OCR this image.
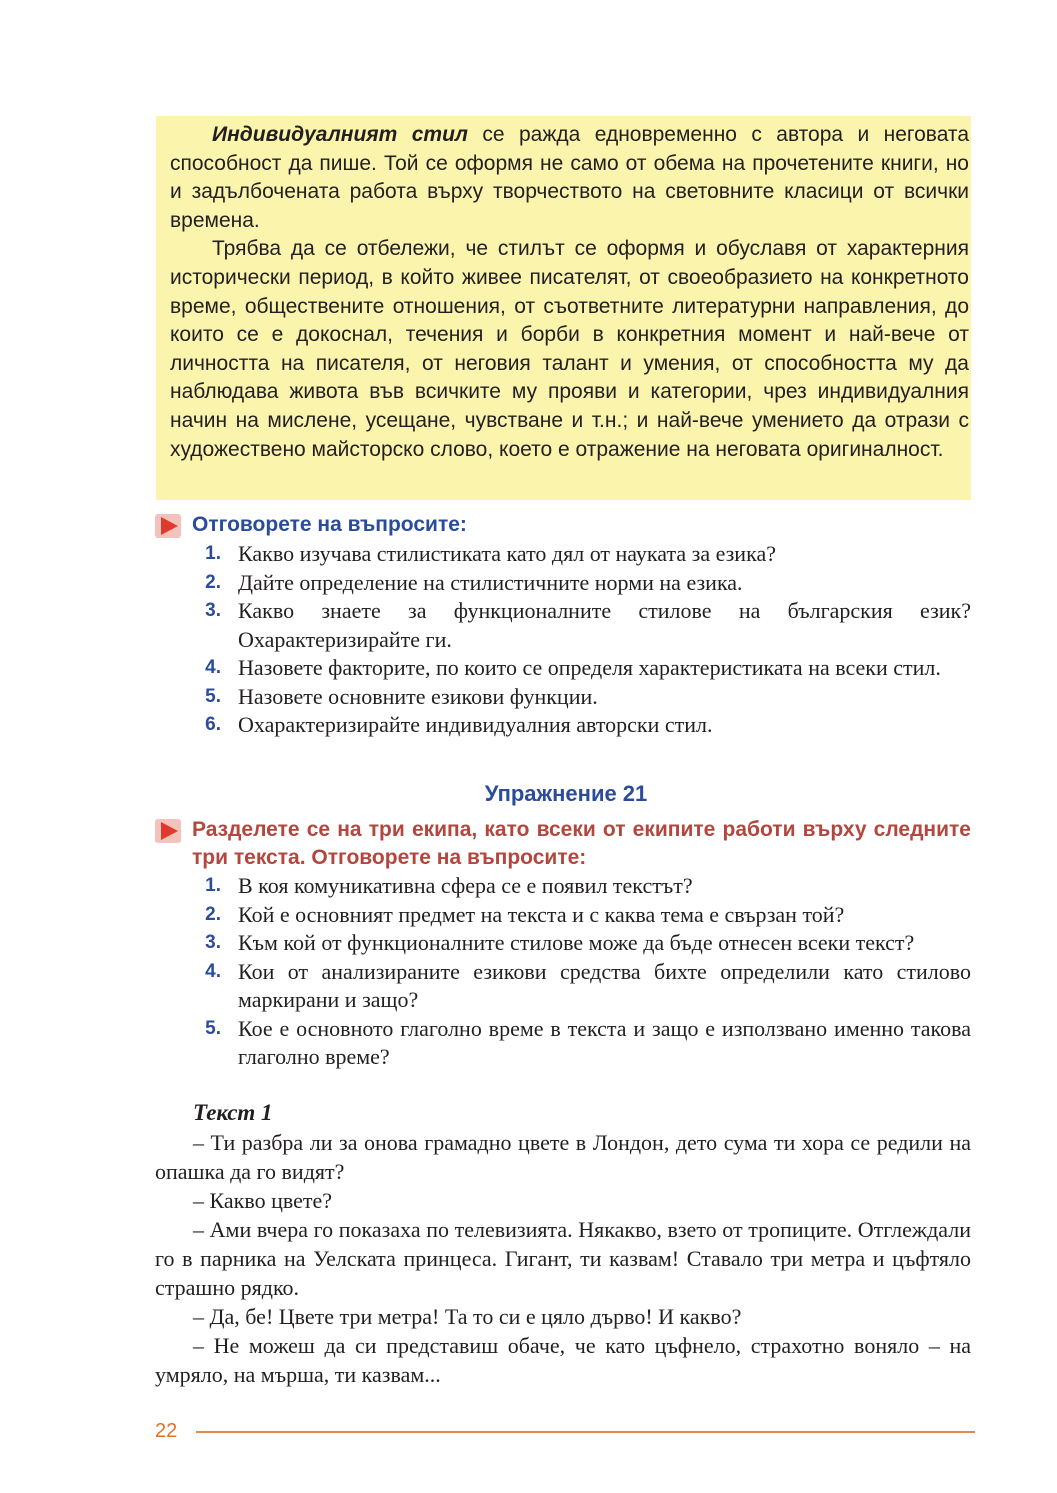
Индивидуалният стил се ражда едновременно с автора и неговата способност да пише. Той се оформя не само от обема на прочетените книги, но и задълбочената работа върху творчеството на световните класици от всички времена.

Трябва да се отбележи, че стилът се оформя и обуславя от характерния исторически период, в който живее писателят, от своеобразието на конкретното време, обществените отношения, от съответните литературни направления, до които се е докоснал, течения и борби в конкретния момент и най-вече от личността на писателя, от неговия талант и умения, от способността му да наблюдава живота във всичките му прояви и категории, чрез индивидуалния начин на мислене, усещане, чувстване и т.н.; и най-вече умението да отрази с художествено майсторско слово, което е отражение на неговата оригиналност.

Отговорете на въпросите:
1. Какво изучава стилистиката като дял от науката за езика?
2. Дайте определение на стилистичните норми на езика.
3. Какво знаете за функционалните стилове на българския език? Охарактеризирайте ги.
4. Назовете факторите, по които се определя характеристиката на всеки стил.
5. Назовете основните езикови функции.
6. Охарактеризирайте индивидуалния авторски стил.
Упражнение 21
Разделете се на три екипа, като всеки от екипите работи върху следните три текста. Отговорете на въпросите:
1. В коя комуникативна сфера се е появил текстът?
2. Кой е основният предмет на текста и с каква тема е свързан той?
3. Към кой от функционалните стилове може да бъде отнесен всеки текст?
4. Кои от анализираните езикови средства бихте определили като стилово маркирани и защо?
5. Кое е основното глаголно време в текста и защо е използвано именно такова глаголно време?
Текст 1

– Ти разбра ли за онова грамадно цвете в Лондон, дето сума ти хора се редили на опашка да го видят?

– Какво цвете?

– Ами вчера го показаха по телевизията. Някакво, взето от тропиците. Отглеждали го в парника на Уелската принцеса. Гигант, ти казвам! Ставало три метра и цъфтяло страшно рядко.

– Да, бе! Цвете три метра! Та то си е цяло дърво! И какво?

– Не можеш да си представиш обаче, че като цъфнело, страхотно вoняло – на умряло, на мърша, ти казвам...

22
